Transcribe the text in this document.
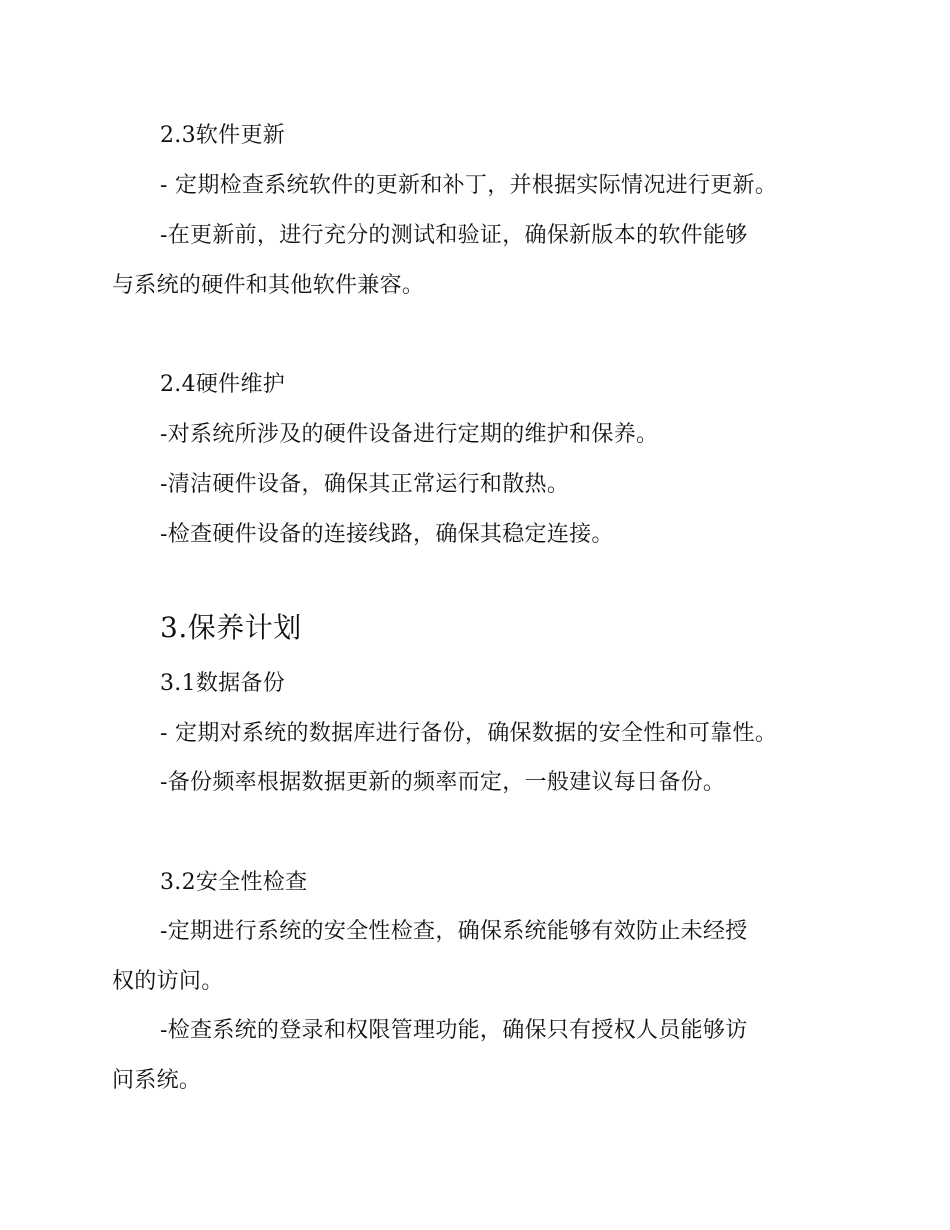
2.3软件更新
- 定期检查系统软件的更新和补丁，并根据实际情况进行更新。
-在更新前，进行充分的测试和验证，确保新版本的软件能够
与系统的硬件和其他软件兼容。
2.4硬件维护
-对系统所涉及的硬件设备进行定期的维护和保养。
-清洁硬件设备，确保其正常运行和散热。
-检查硬件设备的连接线路，确保其稳定连接。
3.保养计划
3.1数据备份
- 定期对系统的数据库进行备份，确保数据的安全性和可靠性。
-备份频率根据数据更新的频率而定，一般建议每日备份。
3.2安全性检查
-定期进行系统的安全性检查，确保系统能够有效防止未经授
权的访问。
-检查系统的登录和权限管理功能，确保只有授权人员能够访
问系统。
